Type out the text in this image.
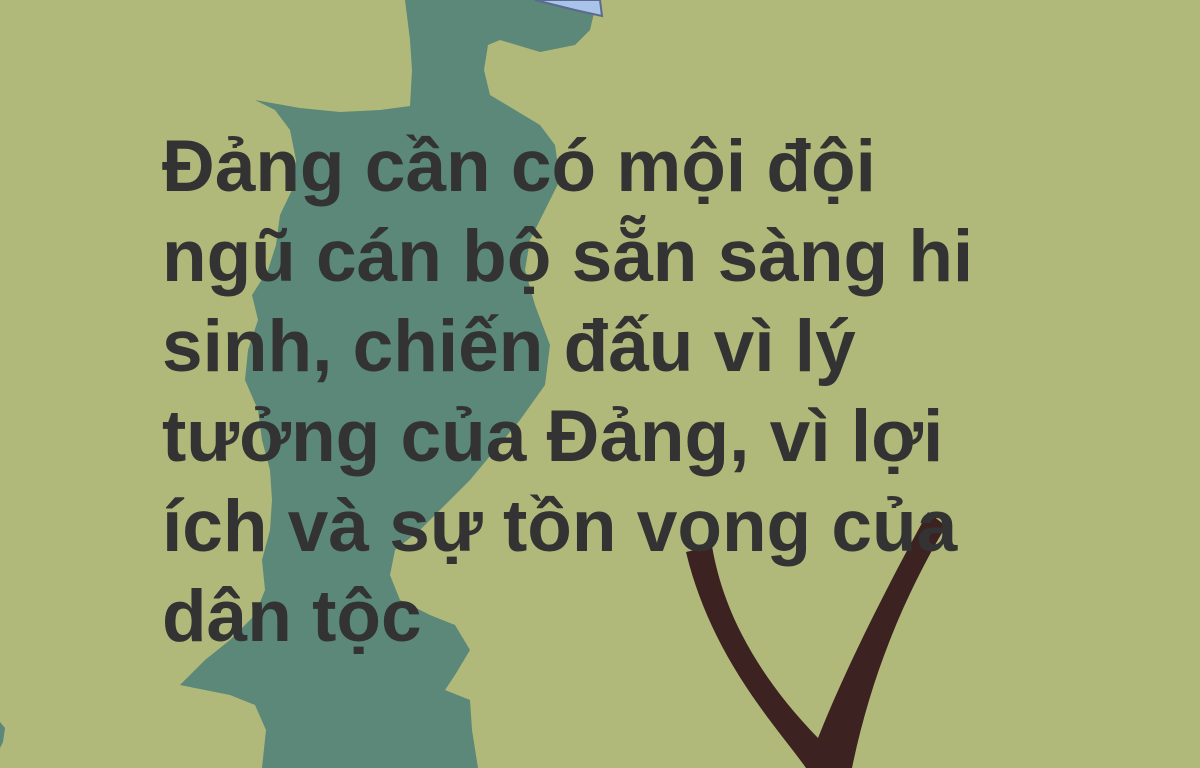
Đảng cần có mội đội
ngũ cán bộ sẵn sàng hi
sinh, chiến đấu vì lý
tưởng của Đảng, vì lợi
ích và sự tồn vong của
dân tộc
